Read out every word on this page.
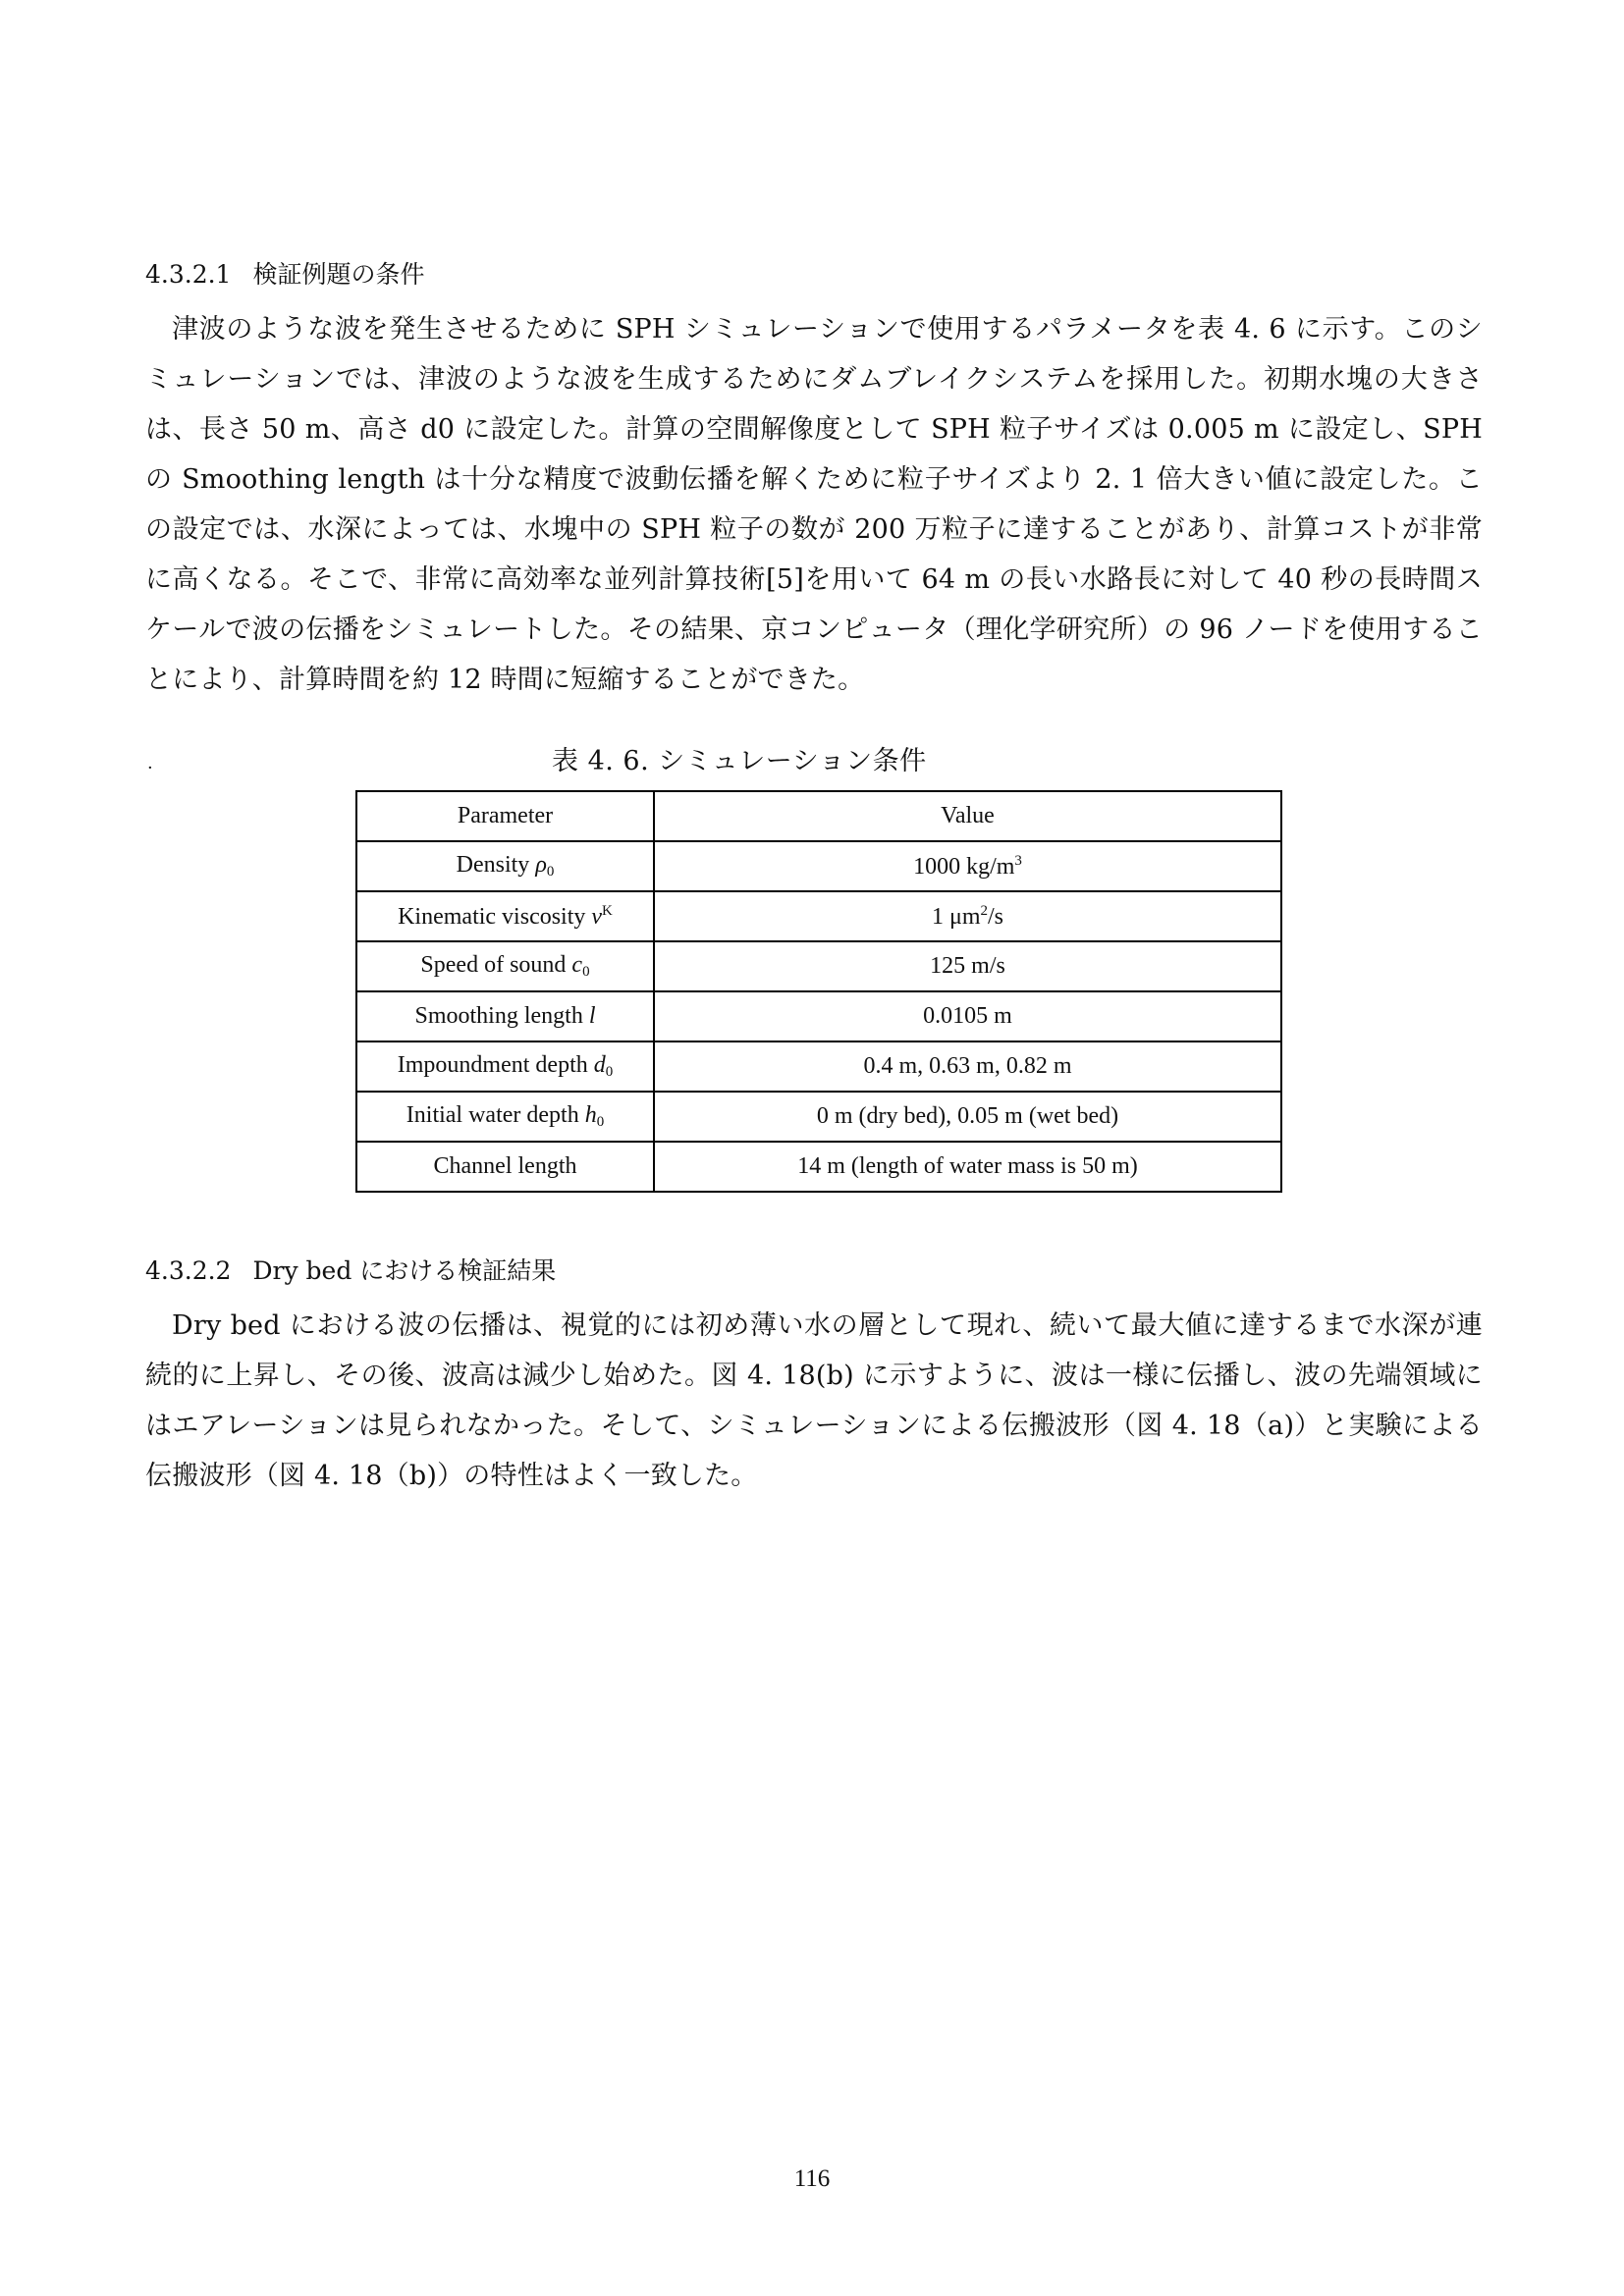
4.3.2.1 検証例題の条件

津波のような波を発生させるために SPH シミュレーションで使用するパラメータを表 4. 6 に示す。このシミュレーションでは、津波のような波を生成するためにダムブレイクシステムを採用した。初期水塊の大きさは、長さ 50 m、高さ d0 に設定した。計算の空間解像度として SPH 粒子サイズは 0.005 m に設定し、SPH の Smoothing length は十分な精度で波動伝播を解くために粒子サイズより 2. 1 倍大きい値に設定した。この設定では、水深によっては、水塊中の SPH 粒子の数が 200 万粒子に達することがあり、計算コストが非常に高くなる。そこで、非常に高効率な並列計算技術[5]を用いて 64 m の長い水路長に対して 40 秒の長時間スケールで波の伝播をシミュレートした。その結果、京コンピュータ（理化学研究所）の 96 ノードを使用することにより、計算時間を約 12 時間に短縮することができた。

·	表 4. 6. シミュレーション条件
Parameter	Value
Density $\rho_0$	1000 $kg/m^3$
Kinematic viscosity $\nu^K$	1 $\mu m^2/s$
Speed of sound $c_0$	125 m/s
Smoothing length l	0.0105 m
Impoundment depth $d_0$	0.4 m, 0.63 m, 0.82 m
Initial water depth $h_0$	0 m (dry bed), 0.05 m (wet bed)
Channel length	14 m (length of water mass is 50 m)
4.3.2.2 Dry bed における検証結果

Dry bed における波の伝播は、視覚的には初め薄い水の層として現れ、続いて最大値に達するまで水深が連続的に上昇し、その後、波高は減少し始めた。図 4. 18(b) に示すように、波は一様に伝播し、波の先端領域にはエアレーションは見られなかった。そして、シミュレーションによる伝搬波形（図 4. 18（a)）と実験による伝搬波形（図 4. 18（b)）の特性はよく一致した。

116
